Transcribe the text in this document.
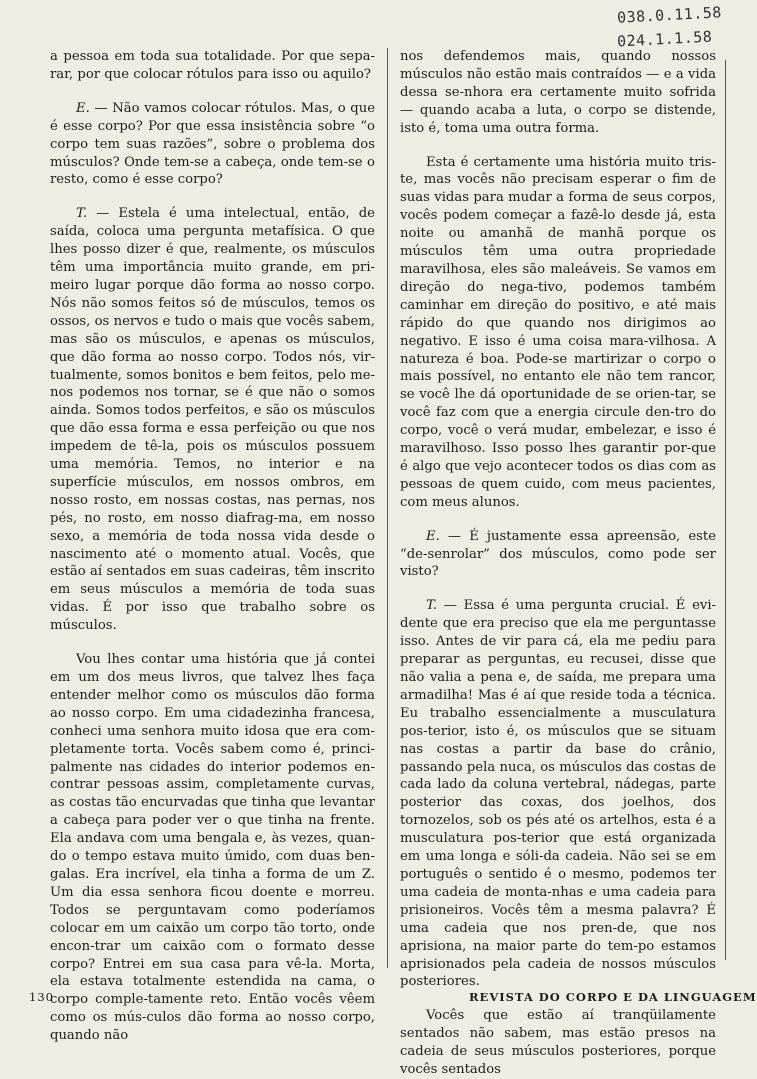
038.0.11.58
024.1.1.58

a pessoa em toda sua totalidade. Por que sepa-rar, por que colocar rótulos para isso ou aquilo?

E. — Não vamos colocar rótulos. Mas, o que é esse corpo? Por que essa insistência sobre “o corpo tem suas razões”, sobre o problema dos músculos? Onde tem-se a cabeça, onde tem-se o resto, como é esse corpo?

T. — Estela é uma intelectual, então, de saída, coloca uma pergunta metafísica. O que lhes posso dizer é que, realmente, os músculos têm uma importância muito grande, em pri-meiro lugar porque dão forma ao nosso corpo. Nós não somos feitos só de músculos, temos os ossos, os nervos e tudo o mais que vocês sabem, mas são os músculos, e apenas os músculos, que dão forma ao nosso corpo. Todos nós, vir-tualmente, somos bonitos e bem feitos, pelo me-nos podemos nos tornar, se é que não o somos ainda. Somos todos perfeitos, e são os músculos que dão essa forma e essa perfeição ou que nos impedem de tê-la, pois os músculos possuem uma memória. Temos, no interior e na superfície músculos, em nossos ombros, em nosso rosto, em nossas costas, nas pernas, nos pés, no rosto, em nosso diafrag-ma, em nosso sexo, a memória de toda nossa vida desde o nascimento até o momento atual. Vocês, que estão aí sentados em suas cadeiras, têm inscrito em seus músculos a memória de toda suas vidas. É por isso que trabalho sobre os músculos.

Vou lhes contar uma história que já contei em um dos meus livros, que talvez lhes faça entender melhor como os músculos dão forma ao nosso corpo. Em uma cidadezinha francesa, conheci uma senhora muito idosa que era com-pletamente torta. Vocês sabem como é, princi-palmente nas cidades do interior podemos en-contrar pessoas assim, completamente curvas, as costas tão encurvadas que tinha que levantar a cabeça para poder ver o que tinha na frente. Ela andava com uma bengala e, às vezes, quan-do o tempo estava muito úmido, com duas ben-galas. Era incrível, ela tinha a forma de um Z. Um dia essa senhora ficou doente e morreu. Todos se perguntavam como poderíamos colocar em um caixão um corpo tão torto, onde encon-trar um caixão com o formato desse corpo? Entrei em sua casa para vê-la. Morta, ela estava totalmente estendida na cama, o corpo comple-tamente reto. Então vocês vêem como os mús-culos dão forma ao nosso corpo, quando não

nos defendemos mais, quando nossos músculos não estão mais contraídos — e a vida dessa se-nhora era certamente muito sofrida — quando acaba a luta, o corpo se distende, isto é, toma uma outra forma.

Esta é certamente uma história muito tris-te, mas vocês não precisam esperar o fim de suas vidas para mudar a forma de seus corpos, vocês podem começar a fazê-lo desde já, esta noite ou amanhã de manhã porque os músculos têm uma outra propriedade maravilhosa, eles são maleáveis. Se vamos em direção do nega-tivo, podemos também caminhar em direção do positivo, e até mais rápido do que quando nos dirigimos ao negativo. E isso é uma coisa mara-vilhosa. A natureza é boa. Pode-se martirizar o corpo o mais possível, no entanto ele não tem rancor, se você lhe dá oportunidade de se orien-tar, se você faz com que a energia circule den-tro do corpo, você o verá mudar, embelezar, e isso é maravilhoso. Isso posso lhes garantir por-que é algo que vejo acontecer todos os dias com as pessoas de quem cuido, com meus pacientes, com meus alunos.

E. — É justamente essa apreensão, este “de-senrolar” dos músculos, como pode ser visto?

T. — Essa é uma pergunta crucial. É evi-dente que era preciso que ela me perguntasse isso. Antes de vir para cá, ela me pediu para preparar as perguntas, eu recusei, disse que não valia a pena e, de saída, me prepara uma armadilha! Mas é aí que reside toda a técnica. Eu trabalho essencialmente a musculatura pos-terior, isto é, os músculos que se situam nas costas a partir da base do crânio, passando pela nuca, os músculos das costas de cada lado da coluna vertebral, nádegas, parte posterior das coxas, dos joelhos, dos tornozelos, sob os pés até os artelhos, esta é a musculatura pos-terior que está organizada em uma longa e sóli-da cadeia. Não sei se em português o sentido é o mesmo, podemos ter uma cadeia de monta-nhas e uma cadeia para prisioneiros. Vocês têm a mesma palavra? É uma cadeia que nos pren-de, que nos aprisiona, na maior parte do tem-po estamos aprisionados pela cadeia de nossos músculos posteriores.

Vocês que estão aí tranqüilamente sentados não sabem, mas estão presos na cadeia de seus músculos posteriores, porque vocês sentados

130	REVISTA DO CORPO E DA LINGUAGEM
